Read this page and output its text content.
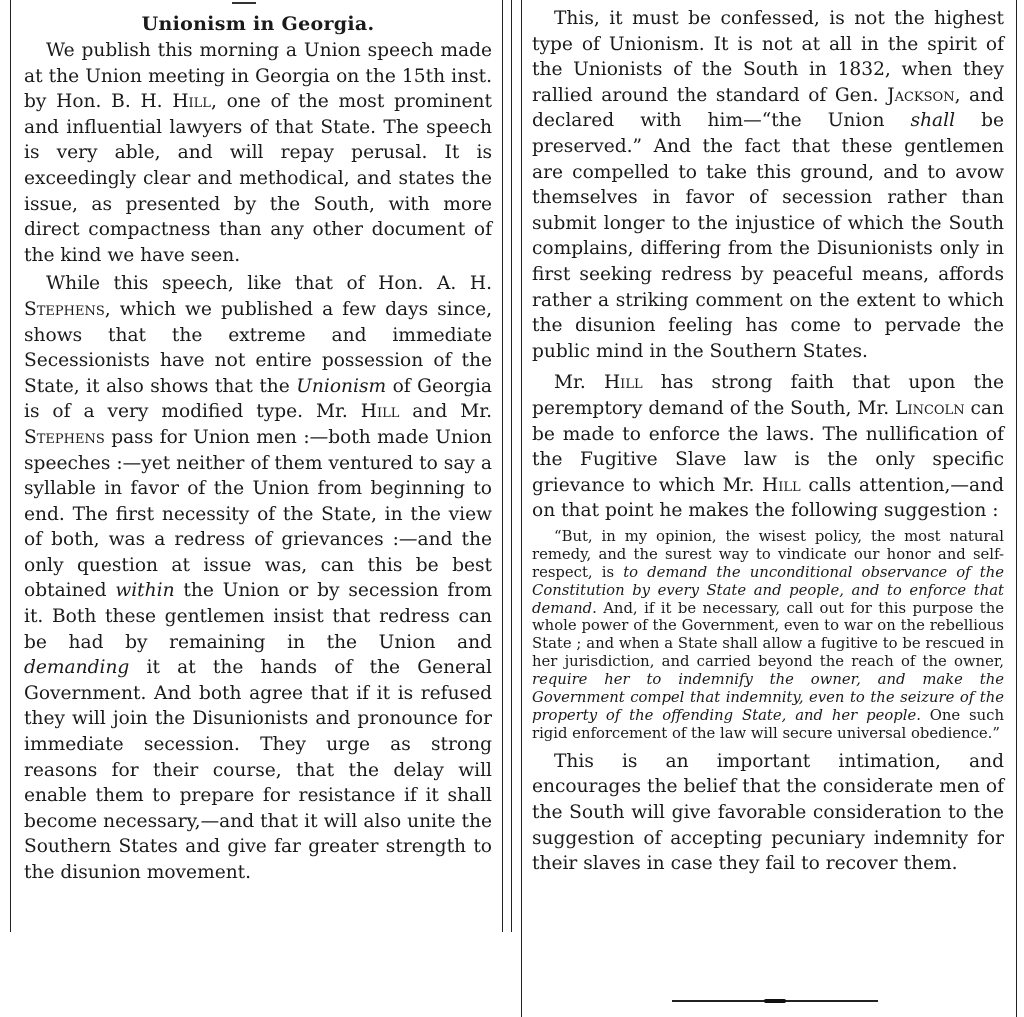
Unionism in Georgia.

We publish this morning a Union speech made at the Union meeting in Georgia on the 15th inst. by Hon. B. H. Hill, one of the most prominent and influential lawyers of that State. The speech is very able, and will repay perusal. It is exceedingly clear and methodical, and states the issue, as presented by the South, with more direct compactness than any other document of the kind we have seen.

While this speech, like that of Hon. A. H. Stephens, which we published a few days since, shows that the extreme and immediate Secessionists have not entire possession of the State, it also shows that the Unionism of Georgia is of a very modified type. Mr. Hill and Mr. Stephens pass for Union men :—both made Union speeches :—yet neither of them ventured to say a syllable in favor of the Union from beginning to end. The first necessity of the State, in the view of both, was a redress of grievances :—and the only question at issue was, can this be best obtained within the Union or by secession from it. Both these gentlemen insist that redress can be had by remaining in the Union and demanding it at the hands of the General Government. And both agree that if it is refused they will join the Disunionists and pronounce for immediate secession. They urge as strong reasons for their course, that the delay will enable them to prepare for resistance if it shall become necessary,—and that it will also unite the Southern States and give far greater strength to the disunion movement.

This, it must be confessed, is not the highest type of Unionism. It is not at all in the spirit of the Unionists of the South in 1832, when they rallied around the standard of Gen. Jackson, and declared with him—“the Union shall be preserved.” And the fact that these gentlemen are compelled to take this ground, and to avow themselves in favor of secession rather than submit longer to the injustice of which the South complains, differing from the Disunionists only in first seeking redress by peaceful means, affords rather a striking comment on the extent to which the disunion feeling has come to pervade the public mind in the Southern States.

Mr. Hill has strong faith that upon the peremptory demand of the South, Mr. Lincoln can be made to enforce the laws. The nullification of the Fugitive Slave law is the only specific grievance to which Mr. Hill calls attention,—and on that point he makes the following suggestion :

“But, in my opinion, the wisest policy, the most natural remedy, and the surest way to vindicate our honor and self-respect, is to demand the unconditional observance of the Constitution by every State and people, and to enforce that demand. And, if it be necessary, call out for this purpose the whole power of the Government, even to war on the rebellious State ; and when a State shall allow a fugitive to be rescued in her jurisdiction, and carried beyond the reach of the owner, require her to indemnify the owner, and make the Government compel that indemnity, even to the seizure of the property of the offending State, and her people. One such rigid enforcement of the law will secure universal obedience.”

This is an important intimation, and encourages the belief that the considerate men of the South will give favorable consideration to the suggestion of accepting pecuniary indemnity for their slaves in case they fail to recover them.
